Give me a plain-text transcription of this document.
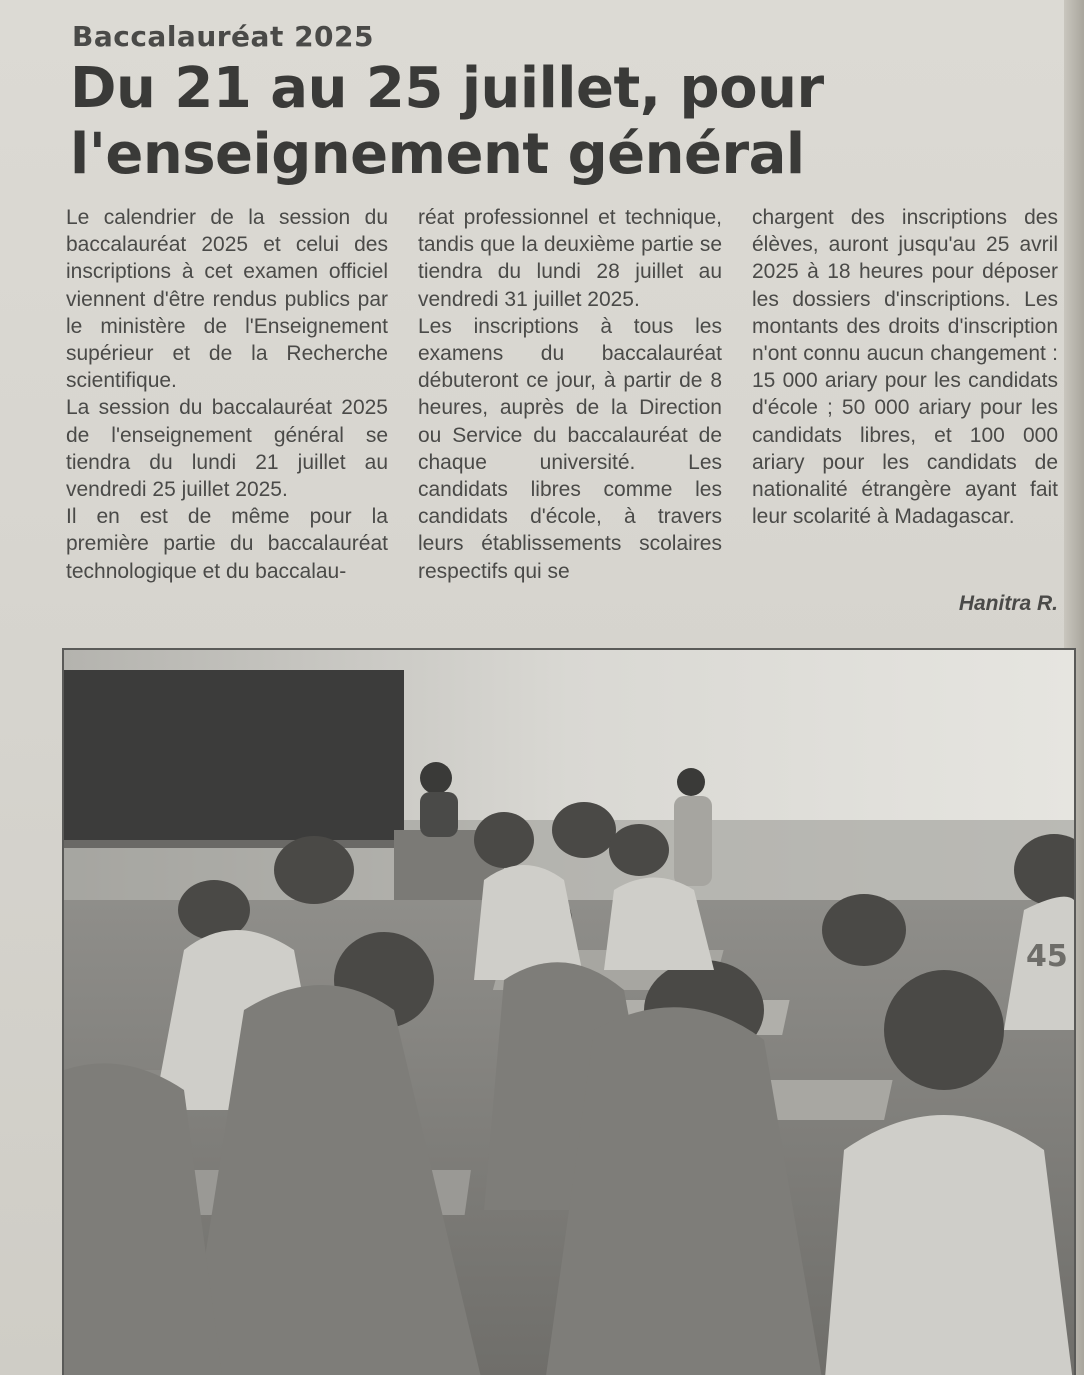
Baccalauréat 2025
Du 21 au 25 juillet, pour l'enseignement général

Le calendrier de la session du baccalauréat 2025 et celui des inscriptions à cet examen officiel viennent d'être rendus publics par le ministère de l'Enseignement supérieur et de la Recherche scientifique.

La session du baccalauréat 2025 de l'enseignement général se tiendra du lundi 21 juillet au vendredi 25 juillet 2025.

Il en est de même pour la première partie du baccalauréat technologique et du baccalau-

réat professionnel et technique, tandis que la deuxième partie se tiendra du lundi 28 juillet au vendredi 31 juillet 2025.

Les inscriptions à tous les examens du baccalauréat débuteront ce jour, à partir de 8 heures, auprès de la Direction ou Service du baccalauréat de chaque université. Les candidats libres comme les candidats d'école, à travers leurs établissements scolaires respectifs qui se

chargent des inscriptions des élèves, auront jusqu'au 25 avril 2025 à 18 heures pour déposer les dossiers d'inscriptions. Les montants des droits d'inscription n'ont connu aucun changement : 15 000 ariary pour les candidats d'école ; 50 000 ariary pour les candidats libres, et 100 000 ariary pour les candidats de nationalité étrangère ayant fait leur scolarité à Madagascar.

Hanitra R.
45
